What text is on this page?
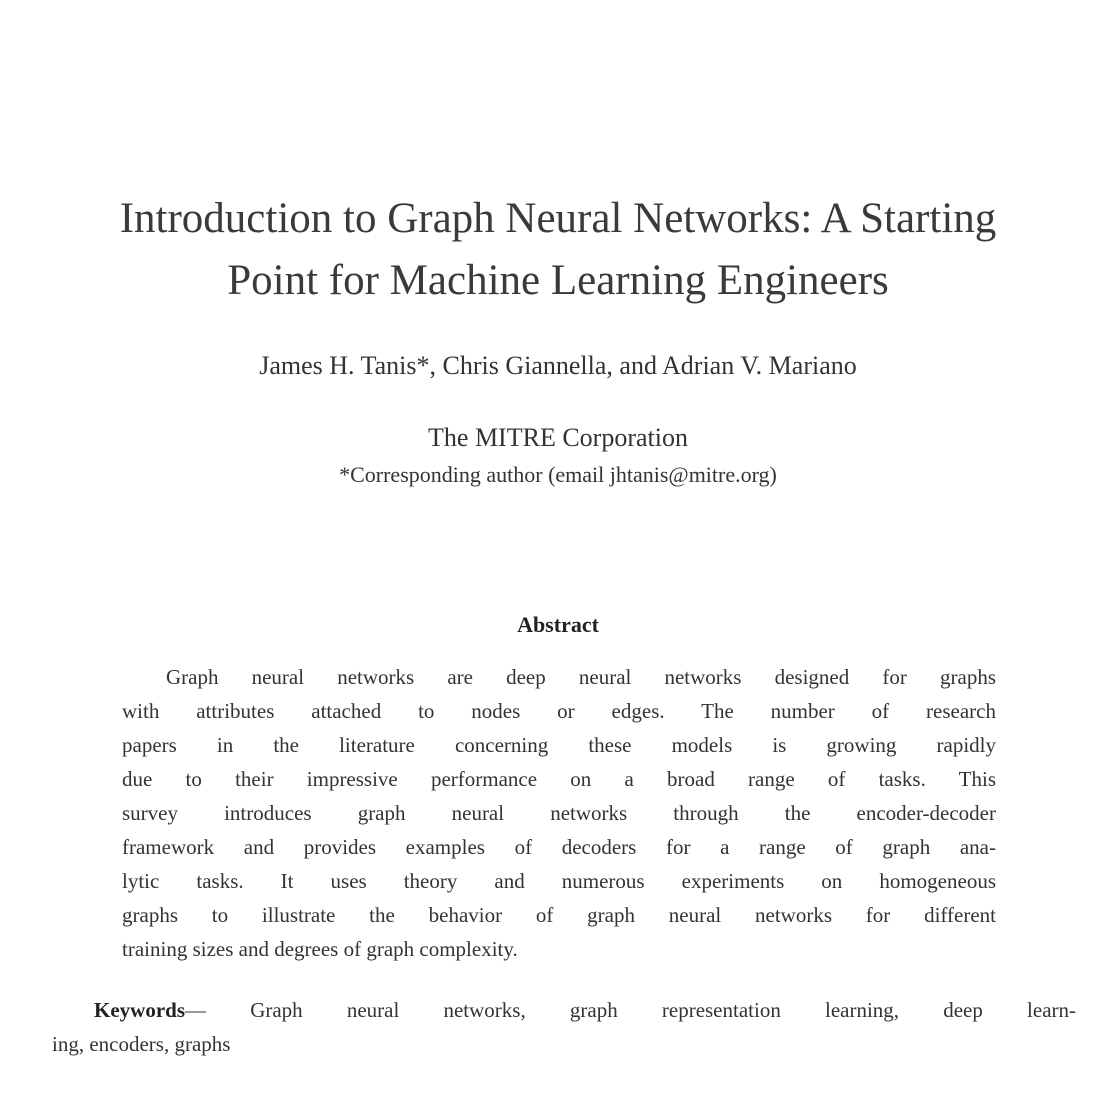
Introduction to Graph Neural Networks: A Starting
Point for Machine Learning Engineers

James H. Tanis*, Chris Giannella, and Adrian V. Mariano

The MITRE Corporation

*Corresponding author (email jhtanis@mitre.org)

Abstract
Graph neural networks are deep neural networks designed for graphs
with attributes attached to nodes or edges. The number of research
papers in the literature concerning these models is growing rapidly
due to their impressive performance on a broad range of tasks. This
survey introduces graph neural networks through the encoder-decoder
framework and provides examples of decoders for a range of graph ana-
lytic tasks. It uses theory and numerous experiments on homogeneous
graphs to illustrate the behavior of graph neural networks for different
training sizes and degrees of graph complexity.
Keywords— Graph neural networks, graph representation learning, deep learn-
ing, encoders, graphs
